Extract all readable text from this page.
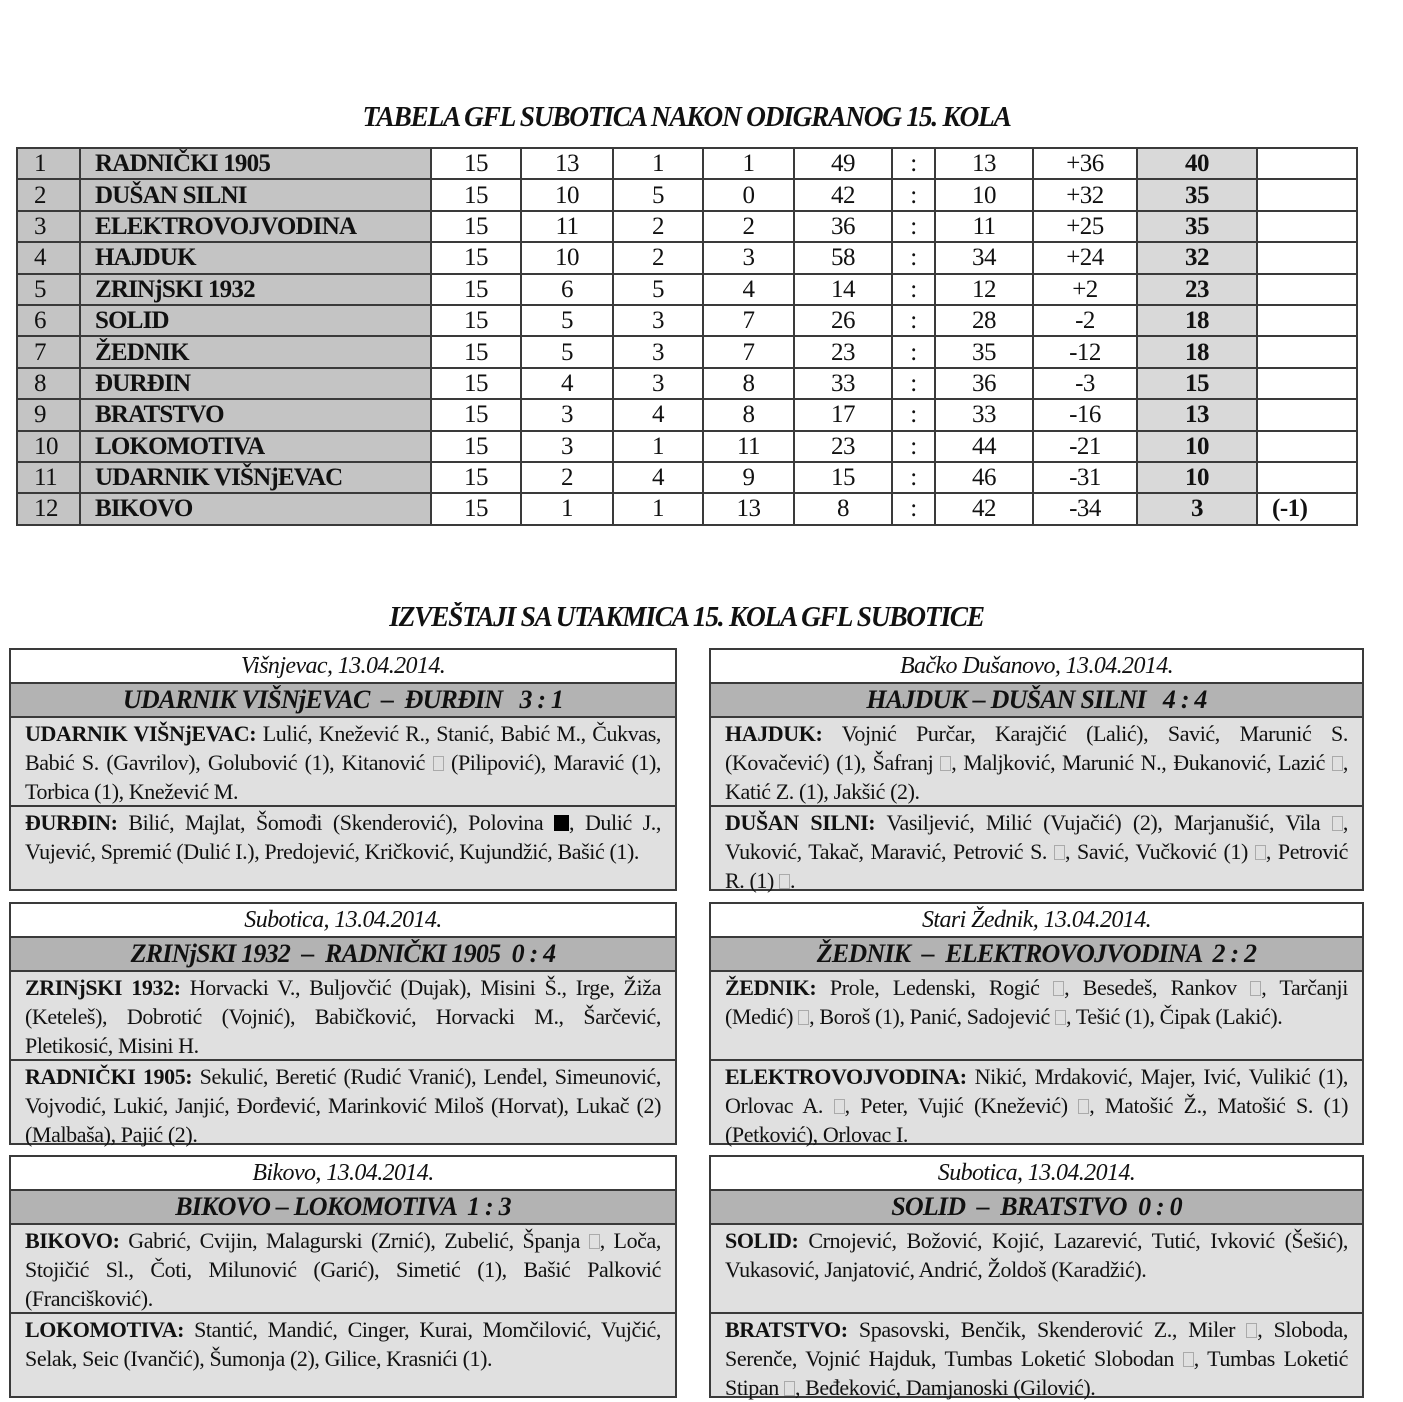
TABELA GFL SUBOTICA NAKON ODIGRANOG 15. KOLA
1	RADNIČKI 1905	15	13	1	1	49	:	13	+36	40	
2	DUŠAN SILNI	15	10	5	0	42	:	10	+32	35	
3	ELEKTROVOJVODINA	15	11	2	2	36	:	11	+25	35	
4	HAJDUK	15	10	2	3	58	:	34	+24	32	
5	ZRINjSKI 1932	15	6	5	4	14	:	12	+2	23	
6	SOLID	15	5	3	7	26	:	28	-2	18	
7	ŽEDNIK	15	5	3	7	23	:	35	-12	18	
8	ĐURĐIN	15	4	3	8	33	:	36	-3	15	
9	BRATSTVO	15	3	4	8	17	:	33	-16	13	
10	LOKOMOTIVA	15	3	1	11	23	:	44	-21	10	
11	UDARNIK VIŠNjEVAC	15	2	4	9	15	:	46	-31	10	
12	BIKOVO	15	1	1	13	8	:	42	-34	3	(-1)
IZVEŠTAJI SA UTAKMICA 15. KOLA GFL SUBOTICE
Višnjevac, 13.04.2014.
UDARNIK VIŠNjEVAC  –  ĐURĐIN   3 : 1
UDARNIK VIŠNjEVAC: Lulić, Knežević R., Stanić, Babić M., Čukvas, Babić S. (Gavrilov), Golubović (1), Kitanović  (Pilipović), Maravić (1), Torbica (1), Knežević M.
ĐURĐIN: Bilić, Majlat, Šomođi (Skenderović), Polovina , Dulić J., Vujević, Spremić (Dulić I.), Predojević, Kričković, Kujundžić, Bašić (1).
Bačko Dušanovo, 13.04.2014.
HAJDUK – DUŠAN SILNI   4 : 4
HAJDUK: Vojnić Purčar, Karajčić (Lalić), Savić, Marunić S. (Kovačević) (1), Šafranj , Maljković, Marunić N., Đukanović, Lazić , Katić Z. (1), Jakšić (2).
DUŠAN SILNI: Vasiljević, Milić (Vujačić) (2), Marjanušić, Vila , Vuković, Takač, Maravić, Petrović S. , Savić, Vučković (1) , Petrović R. (1) .
Subotica, 13.04.2014.
ZRINjSKI 1932  –  RADNIČKI 1905  0 : 4
ZRINjSKI 1932: Horvacki V., Buljovčić (Dujak), Misini Š., Irge, Žiža (Keteleš), Dobrotić (Vojnić), Babičković, Horvacki M., Šarčević, Pletikosić, Misini H.
RADNIČKI 1905: Sekulić, Beretić (Rudić Vranić), Lenđel, Simeunović, Vojvodić, Lukić, Janjić, Đorđević, Marinković Miloš (Horvat), Lukač (2) (Malbaša), Pajić (2).
Stari Žednik, 13.04.2014.
ŽEDNIK  –  ELEKTROVOJVODINA  2 : 2
ŽEDNIK: Prole, Ledenski, Rogić , Besedeš, Rankov , Tarčanji (Medić) , Boroš (1), Panić, Sadojević , Tešić (1), Čipak (Lakić).
ELEKTROVOJVODINA: Nikić, Mrdaković, Majer, Ivić, Vulikić (1), Orlovac A. , Peter, Vujić (Knežević) , Matošić Ž., Matošić S. (1) (Petković), Orlovac I.
Bikovo, 13.04.2014.
BIKOVO – LOKOMOTIVA  1 : 3
BIKOVO: Gabrić, Cvijin, Malagurski (Zrnić), Zubelić, Španja , Loča, Stojičić Sl., Čoti, Milunović (Garić), Simetić (1), Bašić Palković (Francišković).
LOKOMOTIVA: Stantić, Mandić, Cinger, Kurai, Momčilović, Vujčić, Selak, Seic (Ivančić), Šumonja (2), Gilice, Krasnići (1).
Subotica, 13.04.2014.
SOLID  –  BRATSTVO  0 : 0
SOLID: Crnojević, Božović, Kojić, Lazarević, Tutić, Ivković (Šešić), Vukasović, Janjatović, Andrić, Žoldoš (Karadžić).
BRATSTVO: Spasovski, Benčik, Skenderović Z., Miler , Sloboda, Serenče, Vojnić Hajduk, Tumbas Loketić Slobodan , Tumbas Loketić Stipan , Beđeković, Damjanoski (Gilović).
